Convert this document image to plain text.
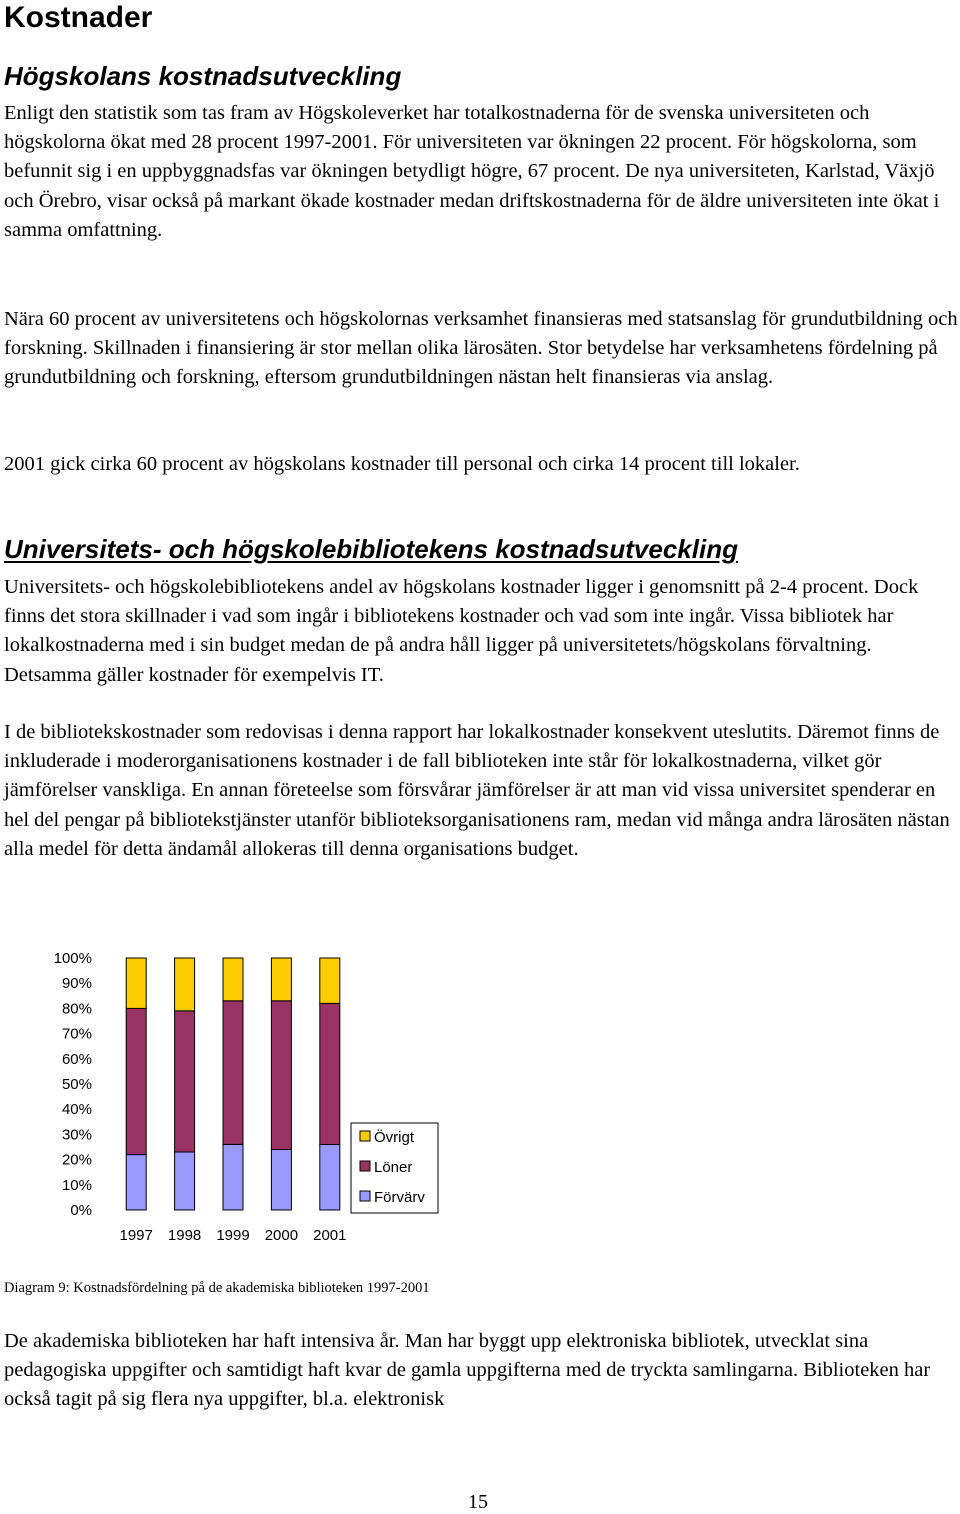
Kostnader
Högskolans kostnadsutveckling

Enligt den statistik som tas fram av Högskoleverket har totalkostnaderna för de svenska universiteten och högskolorna ökat med 28 procent 1997-2001. För universiteten var ökningen 22 procent. För högskolorna, som befunnit sig i en uppbyggnadsfas var ökningen betydligt högre, 67 procent. De nya universiteten, Karlstad, Växjö och Örebro, visar också på markant ökade kostnader medan driftskostnaderna för de äldre universiteten inte ökat i samma omfattning.

Nära 60 procent av universitetens och högskolornas verksamhet finansieras med statsanslag för grundutbildning och forskning. Skillnaden i finansiering är stor mellan olika lärosäten. Stor betydelse har verksamhetens fördelning på grundutbildning och forskning, eftersom grundutbildningen nästan helt finansieras via anslag.

2001 gick cirka 60 procent av högskolans kostnader till personal och cirka 14 procent till lokaler.

Universitets- och högskolebibliotekens kostnadsutveckling

Universitets- och högskolebibliotekens andel av högskolans kostnader ligger i genomsnitt på 2-4 procent. Dock finns det stora skillnader i vad som ingår i bibliotekens kostnader och vad som inte ingår. Vissa bibliotek har lokalkostnaderna med i sin budget medan de på andra håll ligger på universitetets/högskolans förvaltning. Detsamma gäller kostnader för exempelvis IT.

I de bibliotekskostnader som redovisas i denna rapport har lokalkostnader konsekvent uteslutits. Däremot finns de inkluderade i moderorganisationens kostnader i de fall biblioteken inte står för lokalkostnaderna, vilket gör jämförelser vanskliga. En annan företeelse som försvårar jämförelser är att man vid vissa universitet spenderar en hel del pengar på bibliotekstjänster utanför biblioteksorganisationens ram, medan vid många andra lärosäten nästan alla medel för detta ändamål allokeras till denna organisations budget.

0%
10%
20%
30%
40%
50%
60%
70%
80%
90%
100%
1997 1998 1999 2000 2001
Övrigt
Löner
Förvärv

Diagram 9: Kostnadsfördelning på de akademiska biblioteken 1997-2001

De akademiska biblioteken har haft intensiva år. Man har byggt upp elektroniska bibliotek, utvecklat sina pedagogiska uppgifter och samtidigt haft kvar de gamla uppgifterna med de tryckta samlingarna. Biblioteken har också tagit på sig flera nya uppgifter, bl.a. elektronisk

15
